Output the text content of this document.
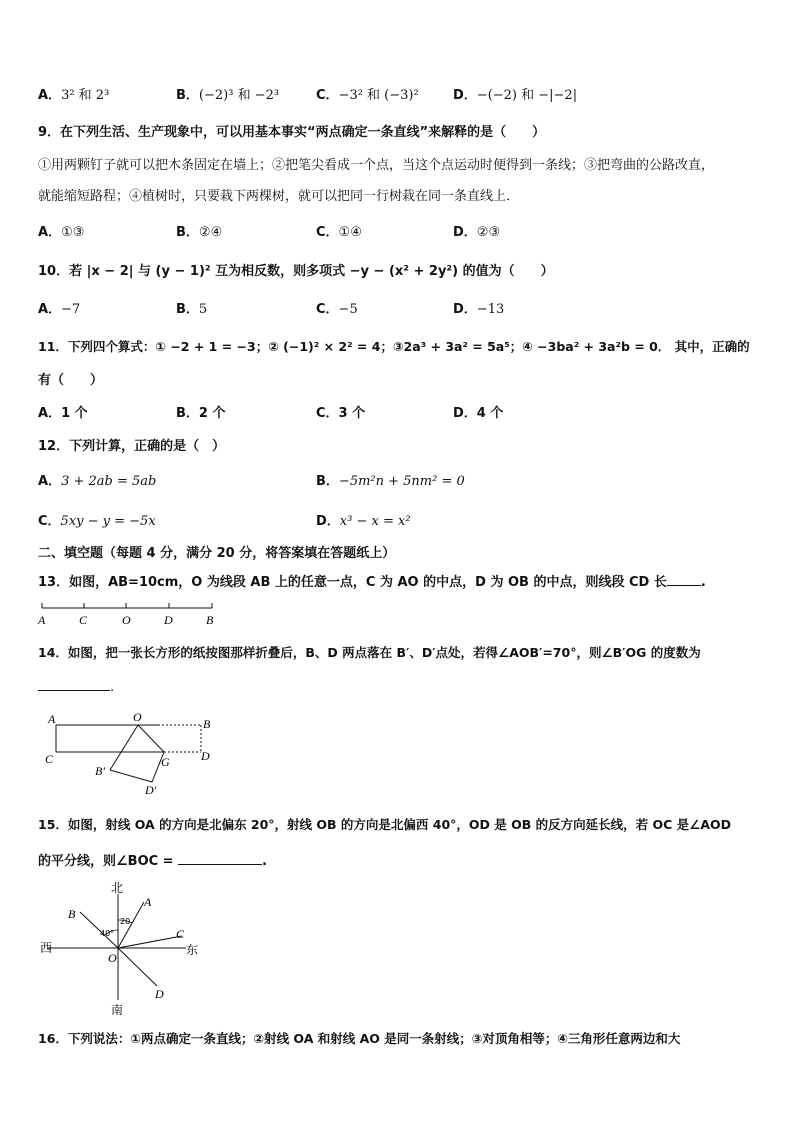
A．3² 和 2³	B．(−2)³ 和 −2³	C．−3² 和 (−3)²	D．−(−2) 和 −|−2|
9．在下列生活、生产现象中，可以用基本事实“两点确定一条直线”来解释的是（　　）
①用两颗钉子就可以把木条固定在墙上；②把笔尖看成一个点，当这个点运动时便得到一条线；③把弯曲的公路改直，
就能缩短路程；④植树时，只要栽下两棵树，就可以把同一行树栽在同一条直线上．
A．①③	B．②④	C．①④	D．②③
10．若 |x − 2| 与 (y − 1)² 互为相反数，则多项式 −y − (x² + 2y²) 的值为（　　）
A．−7	B．5	C．−5	D．−13
11．下列四个算式：① −2 + 1 = −3；② (−1)² × 2² = 4；③2a³ + 3a² = 5a⁵；④ −3ba² + 3a²b = 0． 其中，正确的
有（　　）
A．1 个	B．2 个	C．3 个	D．4 个
12．下列计算，正确的是（　）
A．3 + 2ab = 5ab	B．−5m²n + 5nm² = 0
C．5xy − y = −5x	D．x³ − x = x²
二、填空题（每题 4 分，满分 20 分，将答案填在答题纸上）
13．如图，AB=10cm，O 为线段 AB 上的任意一点，C 为 AO 的中点，D 为 OB 的中点，则线段 CD 长	.
A	C	O	D	B
14．如图，把一张长方形的纸按图那样折叠后，B、D 两点落在 B′、D′点处，若得∠AOB′=70°，则∠B′OG 的度数为
.
A	O	B
C	G	D
B′
D′
15．如图，射线 OA 的方向是北偏东 20°，射线 OB 的方向是北偏西 40°，OD 是 OB 的反方向延长线，若 OC 是∠AOD
的平分线，则∠BOC =	.
北
南
西	东
A
B
C
D
O
20
40°
16．下列说法：①两点确定一条直线；②射线 OA 和射线 AO 是同一条射线；③对顶角相等；④三角形任意两边和大
